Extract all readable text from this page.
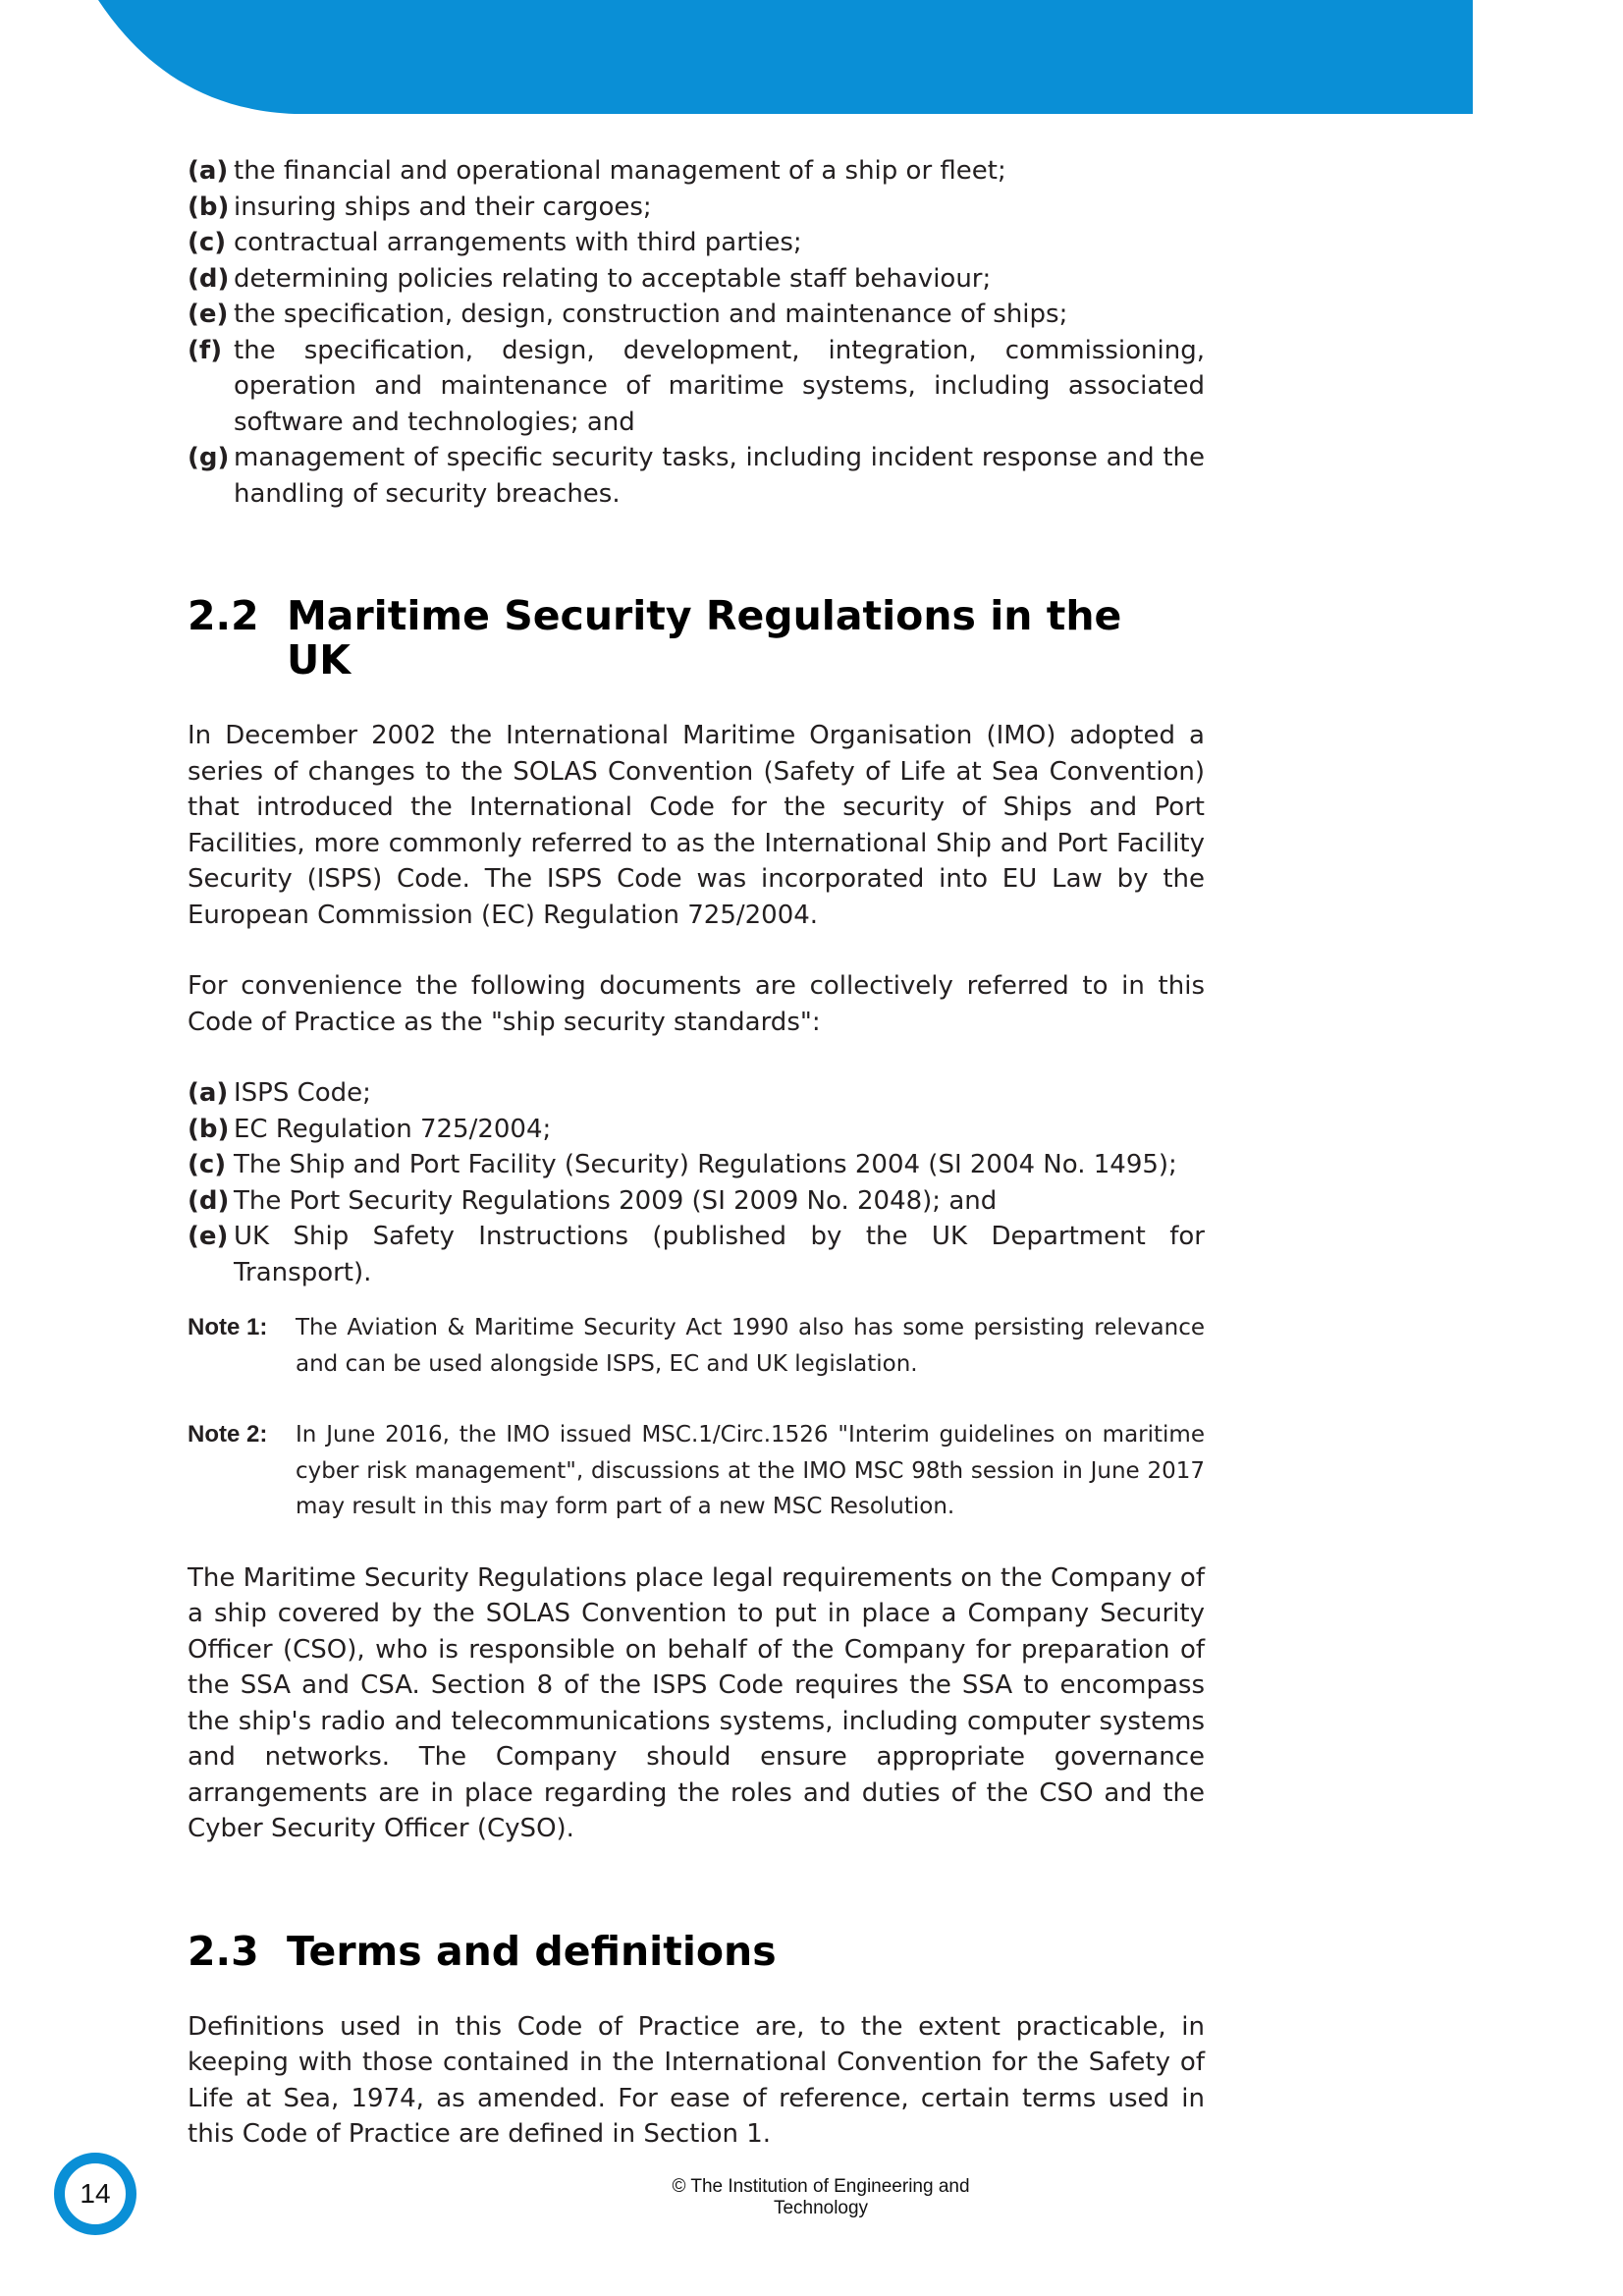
(a) the financial and operational management of a ship or fleet;
(b) insuring ships and their cargoes;
(c) contractual arrangements with third parties;
(d) determining policies relating to acceptable staff behaviour;
(e) the specification, design, construction and maintenance of ships;
(f) the specification, design, development, integration, commissioning, operation and maintenance of maritime systems, including associated software and technologies; and
(g) management of specific security tasks, including incident response and the handling of security breaches.
2.2 Maritime Security Regulations in the UK

In December 2002 the International Maritime Organisation (IMO) adopted a series of changes to the SOLAS Convention (Safety of Life at Sea Convention) that introduced the International Code for the security of Ships and Port Facilities, more commonly referred to as the International Ship and Port Facility Security (ISPS) Code. The ISPS Code was incorporated into EU Law by the European Commission (EC) Regulation 725/2004.

For convenience the following documents are collectively referred to in this Code of Practice as the "ship security standards":

(a) ISPS Code;
(b) EC Regulation 725/2004;
(c) The Ship and Port Facility (Security) Regulations 2004 (SI 2004 No. 1495);
(d) The Port Security Regulations 2009 (SI 2009 No. 2048); and
(e) UK Ship Safety Instructions (published by the UK Department for Transport).
Note 1:	The Aviation & Maritime Security Act 1990 also has some persisting relevance and can be used alongside ISPS, EC and UK legislation.
Note 2:	In June 2016, the IMO issued MSC.1/Circ.1526 "Interim guidelines on maritime cyber risk management", discussions at the IMO MSC 98th session in June 2017 may result in this may form part of a new MSC Resolution.

The Maritime Security Regulations place legal requirements on the Company of a ship covered by the SOLAS Convention to put in place a Company Security Officer (CSO), who is responsible on behalf of the Company for preparation of the SSA and CSA. Section 8 of the ISPS Code requires the SSA to encompass the ship's radio and telecommunications systems, including computer systems and networks. The Company should ensure appropriate governance arrangements are in place regarding the roles and duties of the CSO and the Cyber Security Officer (CySO).

2.3 Terms and definitions

Definitions used in this Code of Practice are, to the extent practicable, in keeping with those contained in the International Convention for the Safety of Life at Sea, 1974, as amended. For ease of reference, certain terms used in this Code of Practice are defined in Section 1.

14	© The Institution of Engineering and Technology
